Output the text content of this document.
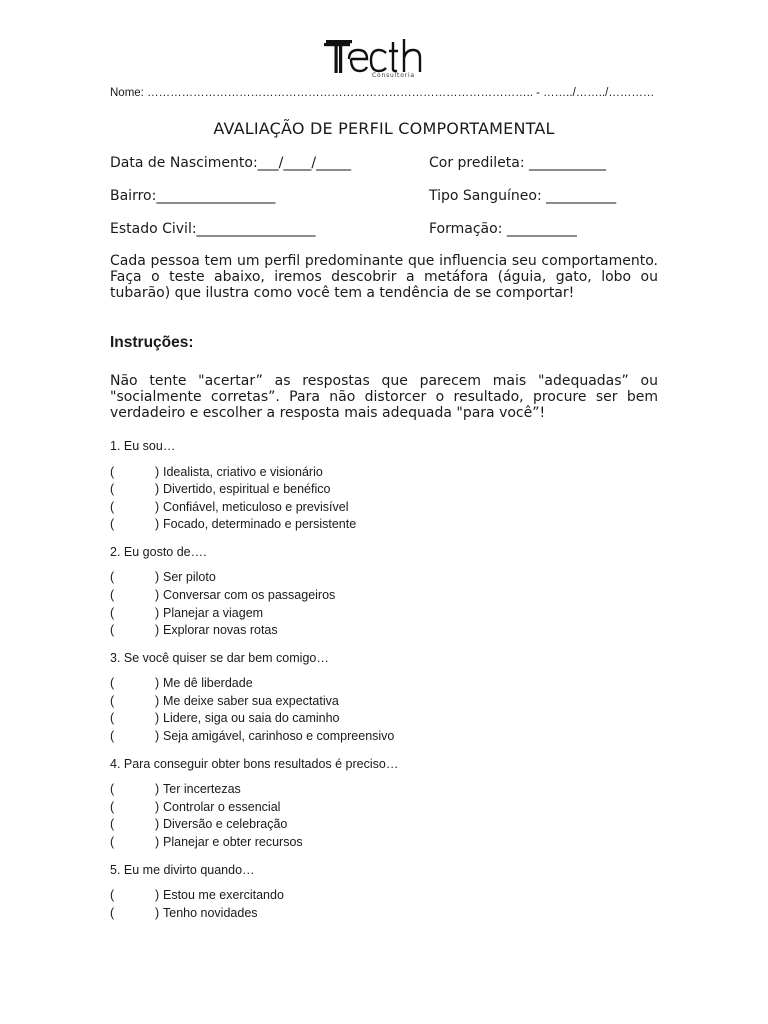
Consultoria
Nome: ……………………………………………………………………………………….. - ……../……../…………
AVALIAÇÃO DE PERFIL COMPORTAMENTAL
Data de Nascimento:___/____/_____	Cor predileta: ___________
Bairro:_________________	Tipo Sanguíneo: __________
Estado Civil:_________________	Formação: __________
Cada pessoa tem um perfil predominante que influencia seu comportamento. Faça o teste abaixo, iremos descobrir a metáfora (águia, gato, lobo ou tubarão) que ilustra como você tem a tendência de se comportar!
Instruções:
Não tente "acertar” as respostas que parecem mais "adequadas” ou "socialmente corretas”. Para não distorcer o resultado, procure ser bem verdadeiro e escolher a resposta mais adequada "para você”!
1. Eu sou…
(	) Idealista, criativo e visionário
(	) Divertido, espiritual e benéfico
(	) Confiável, meticuloso e previsível
(	) Focado, determinado e persistente
2. Eu gosto de….
(	) Ser piloto
(	) Conversar com os passageiros
(	) Planejar a viagem
(	) Explorar novas rotas
3. Se você quiser se dar bem comigo…
(	) Me dê liberdade
(	) Me deixe saber sua expectativa
(	) Lidere, siga ou saia do caminho
(	) Seja amigável, carinhoso e compreensivo
4. Para conseguir obter bons resultados é preciso…
(	) Ter incertezas
(	) Controlar o essencial
(	) Diversão e celebração
(	) Planejar e obter recursos
5. Eu me divirto quando…
(	) Estou me exercitando
(	) Tenho novidades
